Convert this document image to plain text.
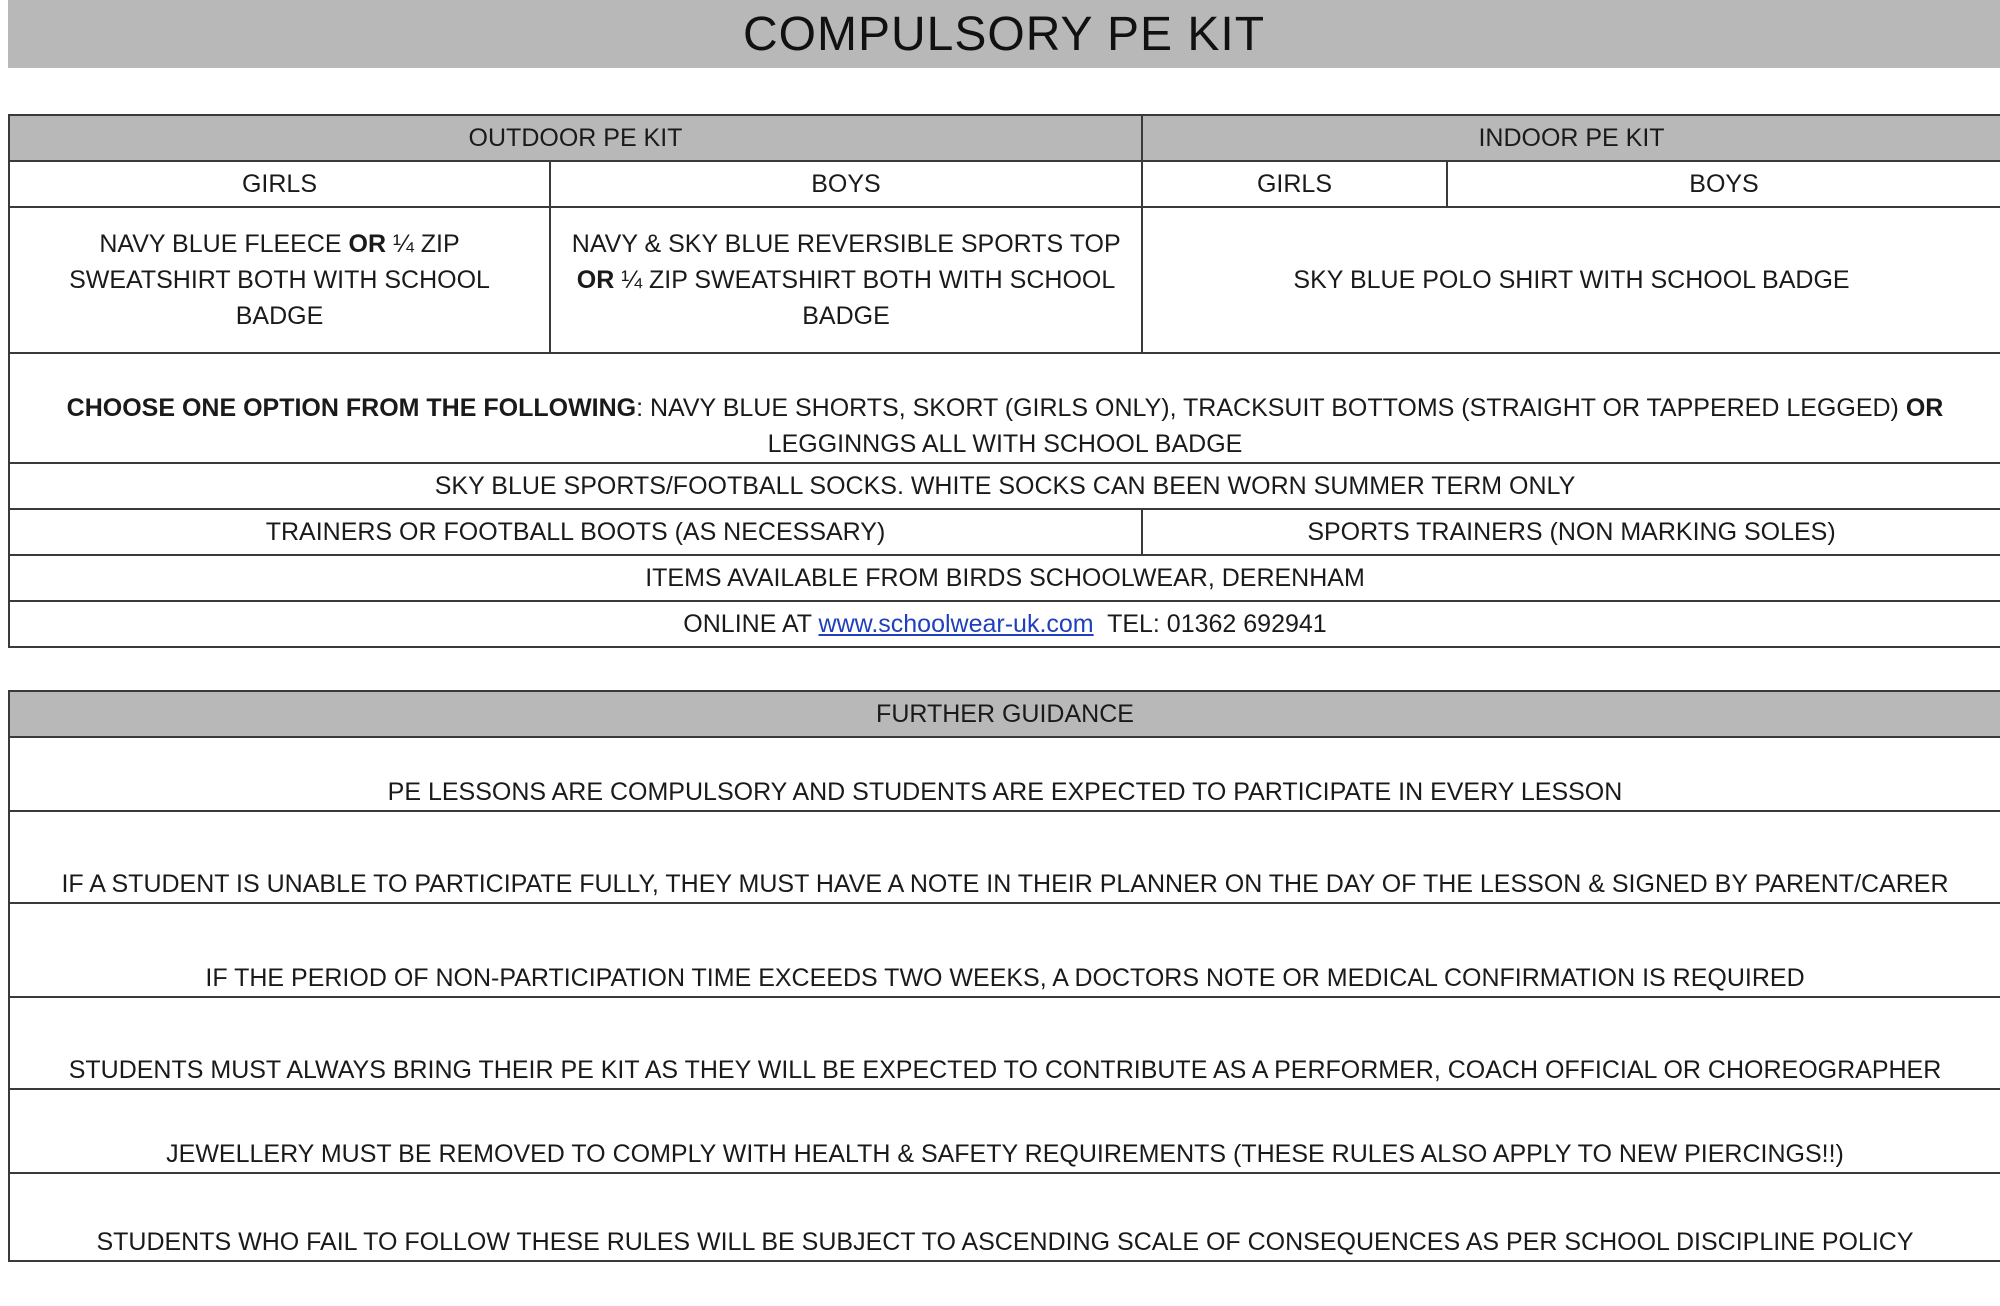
COMPULSORY PE KIT
OUTDOOR PE KIT		INDOOR PE KIT	
GIRLS	BOYS	GIRLS	BOYS
NAVY BLUE FLEECE OR ¼ ZIP SWEATSHIRT BOTH WITH SCHOOL BADGE	NAVY & SKY BLUE REVERSIBLE SPORTS TOP OR ¼ ZIP SWEATSHIRT BOTH WITH SCHOOL BADGE	SKY BLUE POLO SHIRT WITH SCHOOL BADGE	
CHOOSE ONE OPTION FROM THE FOLLOWING: NAVY BLUE SHORTS, SKORT (GIRLS ONLY), TRACKSUIT BOTTOMS (STRAIGHT OR TAPPERED LEGGED) OR LEGGINNGS ALL WITH SCHOOL BADGE			
SKY BLUE SPORTS/FOOTBALL SOCKS. WHITE SOCKS CAN BEEN WORN SUMMER TERM ONLY			
TRAINERS OR FOOTBALL BOOTS (AS NECESSARY)		SPORTS TRAINERS (NON MARKING SOLES)	
ITEMS AVAILABLE FROM BIRDS SCHOOLWEAR, DERENHAM			
ONLINE AT www.schoolwear-uk.com  TEL: 01362 692941			
FURTHER GUIDANCE
PE LESSONS ARE COMPULSORY AND STUDENTS ARE EXPECTED TO PARTICIPATE IN EVERY LESSON
IF A STUDENT IS UNABLE TO PARTICIPATE FULLY, THEY MUST HAVE A NOTE IN THEIR PLANNER ON THE DAY OF THE LESSON & SIGNED BY PARENT/CARER
IF THE PERIOD OF NON-PARTICIPATION TIME EXCEEDS TWO WEEKS, A DOCTORS NOTE OR MEDICAL CONFIRMATION IS REQUIRED
STUDENTS MUST ALWAYS BRING THEIR PE KIT AS THEY WILL BE EXPECTED TO CONTRIBUTE AS A PERFORMER, COACH OFFICIAL OR CHOREOGRAPHER
JEWELLERY MUST BE REMOVED TO COMPLY WITH HEALTH & SAFETY REQUIREMENTS (THESE RULES ALSO APPLY TO NEW PIERCINGS!!)
STUDENTS WHO FAIL TO FOLLOW THESE RULES WILL BE SUBJECT TO ASCENDING SCALE OF CONSEQUENCES AS PER SCHOOL DISCIPLINE POLICY
